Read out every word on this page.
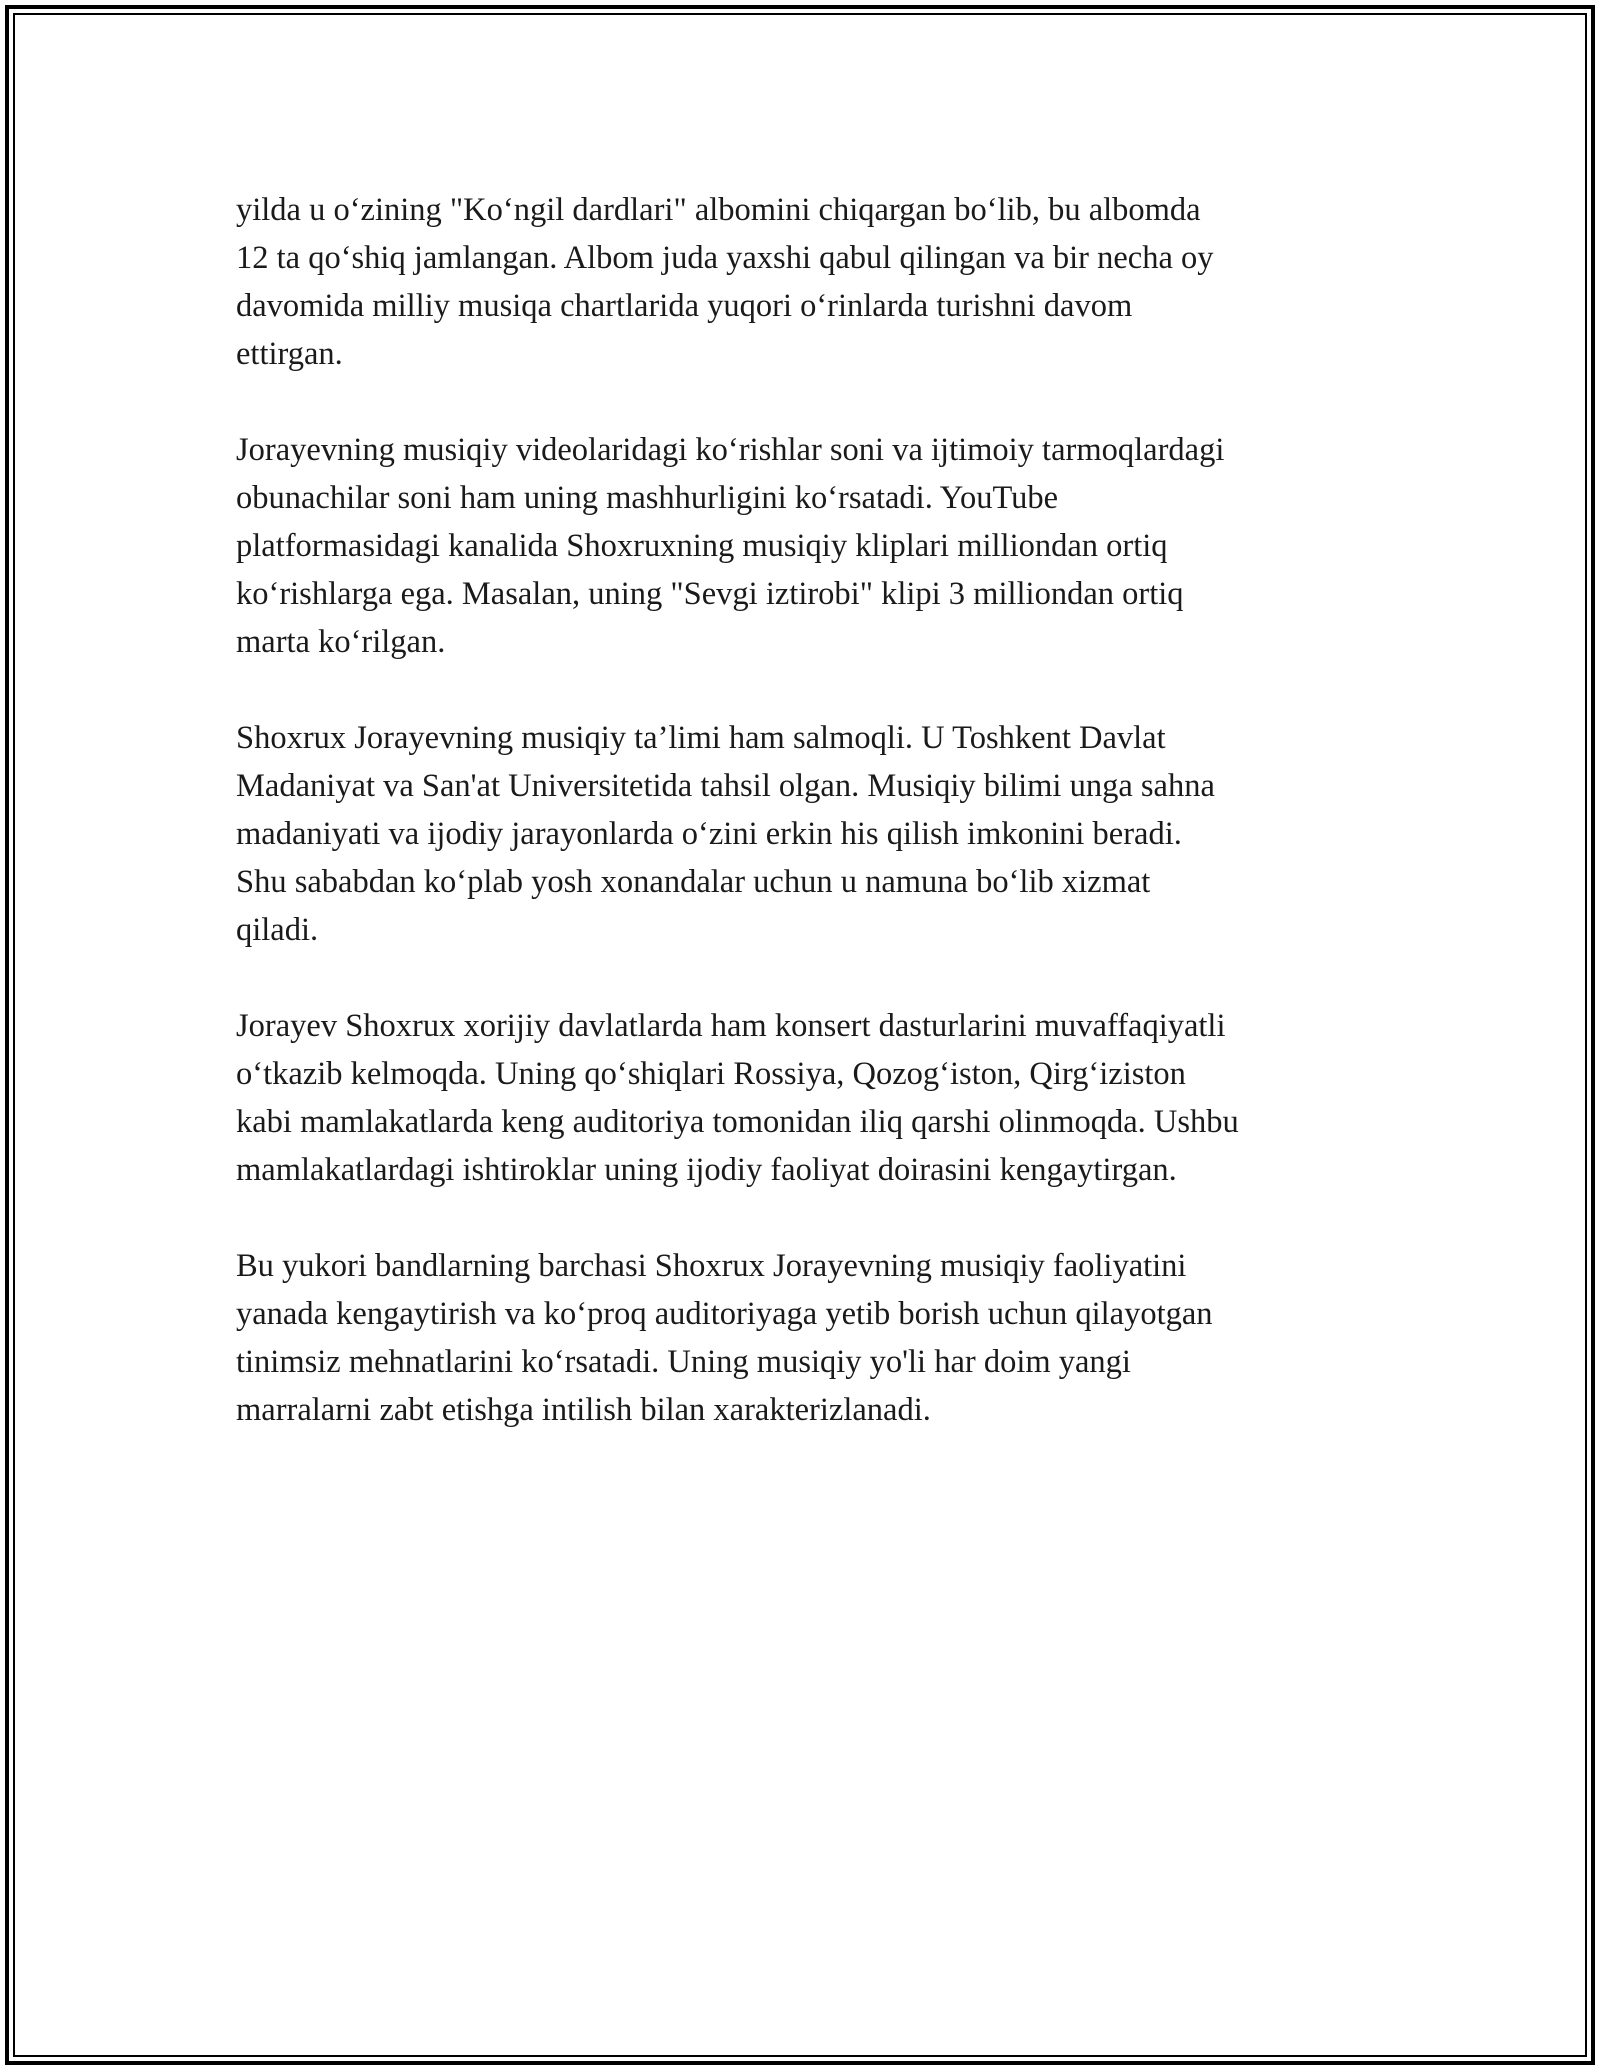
yilda u o‘zining "Ko‘ngil dardlari" albomini chiqargan bo‘lib, bu albomda
12 ta qo‘shiq jamlangan. Albom juda yaxshi qabul qilingan va bir necha oy
davomida milliy musiqa chartlarida yuqori o‘rinlarda turishni davom
ettirgan.

Jorayevning musiqiy videolaridagi ko‘rishlar soni va ijtimoiy tarmoqlardagi
obunachilar soni ham uning mashhurligini ko‘rsatadi. YouTube
platformasidagi kanalida Shoxruxning musiqiy kliplari milliondan ortiq
ko‘rishlarga ega. Masalan, uning "Sevgi iztirobi" klipi 3 milliondan ortiq
marta ko‘rilgan.

Shoxrux Jorayevning musiqiy ta’limi ham salmoqli. U Toshkent Davlat
Madaniyat va San'at Universitetida tahsil olgan. Musiqiy bilimi unga sahna
madaniyati va ijodiy jarayonlarda o‘zini erkin his qilish imkonini beradi.
Shu sababdan ko‘plab yosh xonandalar uchun u namuna bo‘lib xizmat
qiladi.

Jorayev Shoxrux xorijiy davlatlarda ham konsert dasturlarini muvaffaqiyatli
o‘tkazib kelmoqda. Uning qo‘shiqlari Rossiya, Qozog‘iston, Qirg‘iziston
kabi mamlakatlarda keng auditoriya tomonidan iliq qarshi olinmoqda. Ushbu
mamlakatlardagi ishtiroklar uning ijodiy faoliyat doirasini kengaytirgan.

Bu yukori bandlarning barchasi Shoxrux Jorayevning musiqiy faoliyatini
yanada kengaytirish va ko‘proq auditoriyaga yetib borish uchun qilayotgan
tinimsiz mehnatlarini ko‘rsatadi. Uning musiqiy yo'li har doim yangi
marralarni zabt etishga intilish bilan xarakterizlanadi.
